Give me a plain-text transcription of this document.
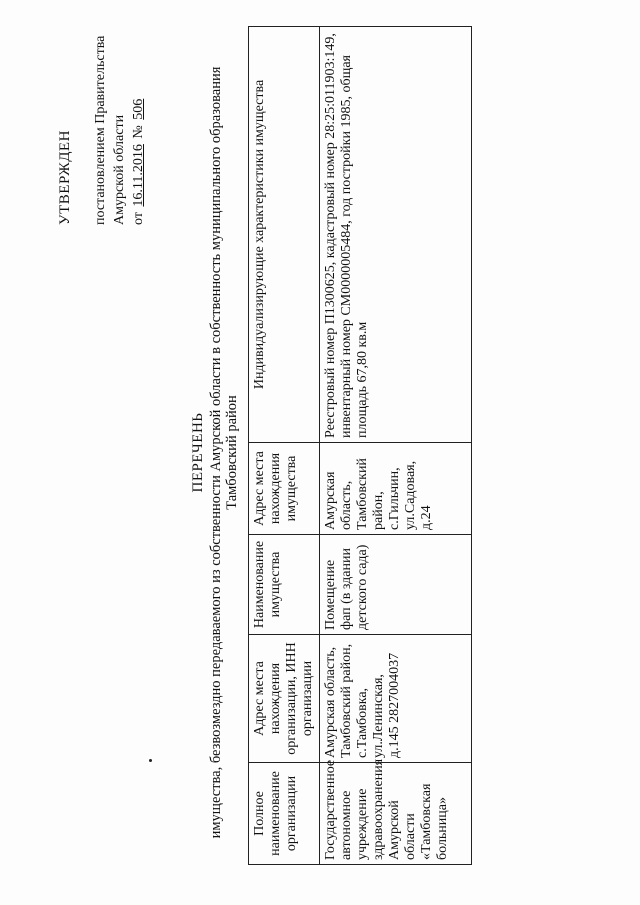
УТВЕРЖДЕН постановлением Правительства Амурской области от 16.11.2016 № 506
ПЕРЕЧЕНЬ имущества, безвозмездно передаваемого из собственности Амурской области в собственность муниципального образования Тамбовский район
Полное наименование организации	Адрес места нахождения организации, ИНН организации	Наименование имущества	Адрес места нахождения имущества	Индивидуализирующие характеристики имущества
Государственное автономное учреждение здравоохранения Амурской области «Тамбовская больница»	Амурская область, Тамбовский район, с.Тамбовка, ул.Ленинская, д.145 2827004037	Помещение фап (в здании детского сада)	Амурская область, Тамбовский район, с.Гильчин, ул.Садовая, д.24	Реестровый номер П1300625, кадастровый номер 28:25:011903:149, инвентарный номер СМ0000005484, год постройки 1985, общая площадь 67,80 кв.м
